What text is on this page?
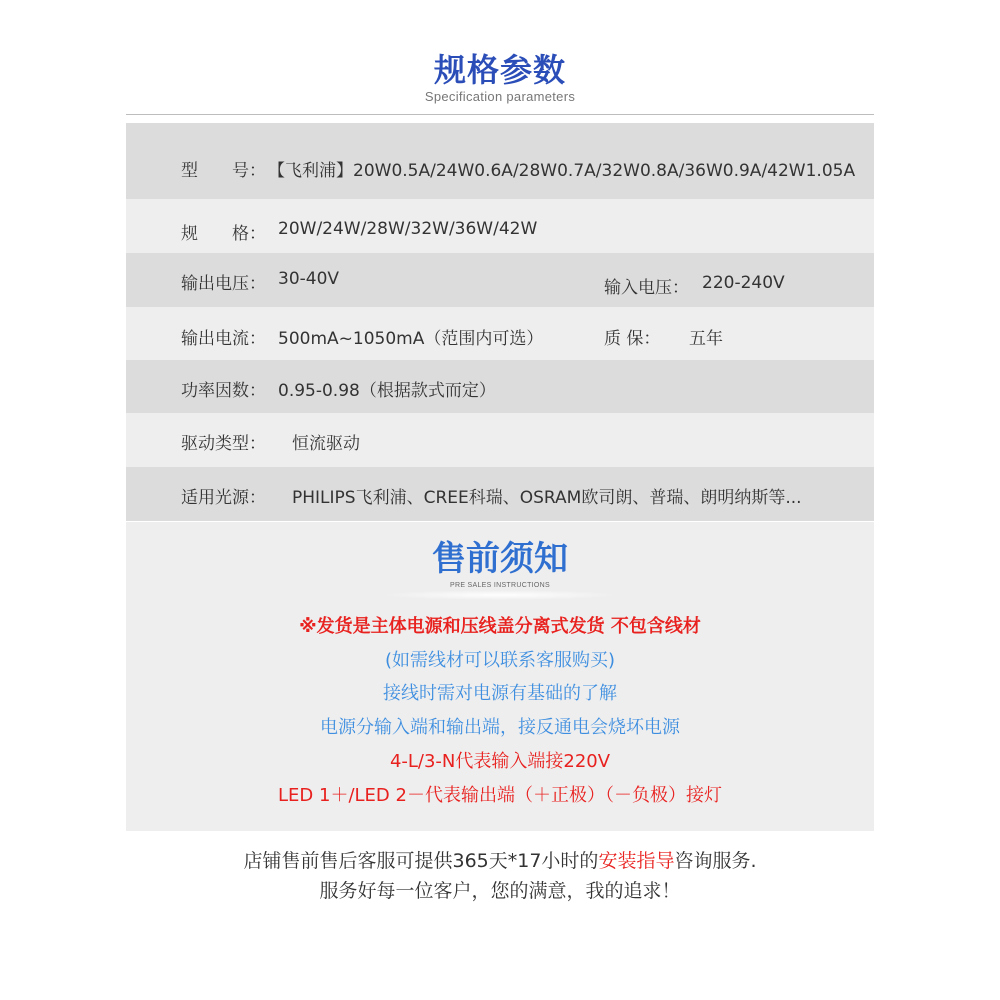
规格参数
Specification parameters
型　　号： 【飞利浦】20W0.5A/24W0.6A/28W0.7A/32W0.8A/36W0.9A/42W1.05A
规　　格： 20W/24W/28W/32W/36W/42W
输出电压： 30-40V	输入电压： 220-240V
输出电流： 500mA~1050mA（范围内可选）	质 保： 五年
功率因数： 0.95-0.98（根据款式而定）
驱动类型： 恒流驱动
适用光源： PHILIPS飞利浦、CREE科瑞、OSRAM欧司朗、普瑞、朗明纳斯等...
售前须知
PRE SALES INSTRUCTIONS
※发货是主体电源和压线盖分离式发货 不包含线材
(如需线材可以联系客服购买)
接线时需对电源有基础的了解
电源分输入端和输出端，接反通电会烧坏电源
4-L/3-N代表输入端接220V
LED 1＋/LED 2－代表输出端（＋正极）（－负极）接灯
店铺售前售后客服可提供365天*17小时的安装指导咨询服务.
服务好每一位客户，您的满意，我的追求！
